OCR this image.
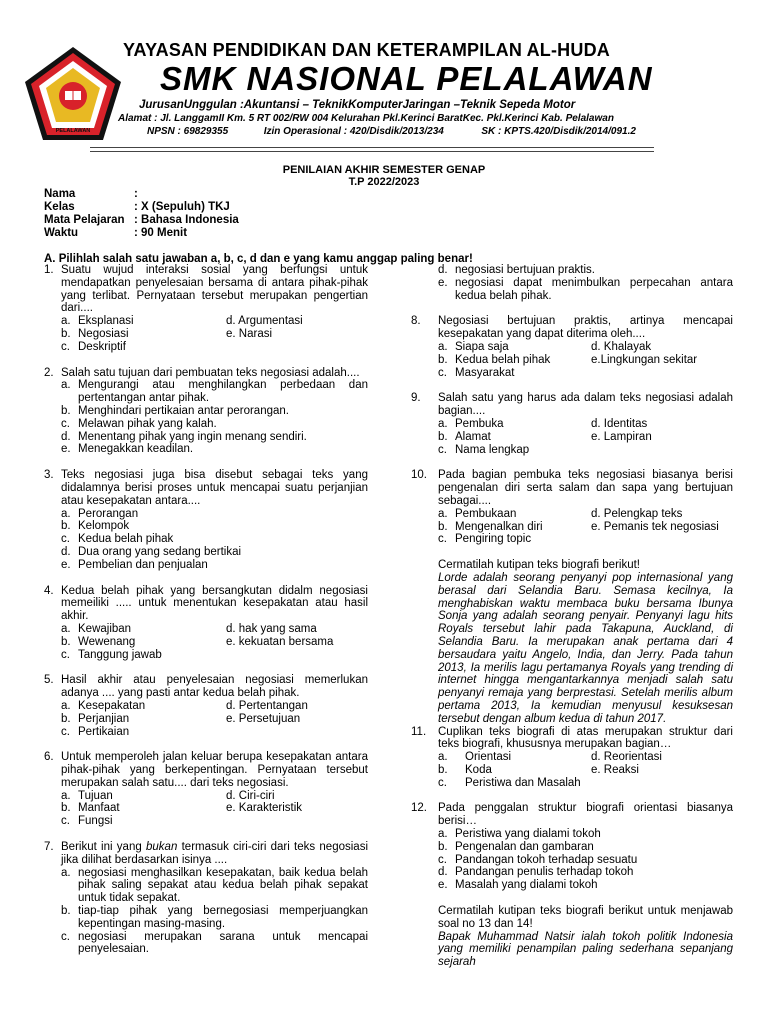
PELALAWAN
YAYASAN PENDIDIKAN DAN KETERAMPILAN AL-HUDA
SMK NASIONAL PELALAWAN
JurusanUnggulan :Akuntansi – TeknikKomputerJaringan –Teknik Sepeda Motor
Alamat : Jl. LanggamII Km. 5 RT 002/RW 004 Kelurahan Pkl.Kerinci BaratKec. Pkl.Kerinci Kab. Pelalawan
NPSN : 69829355	Izin Operasional : 420/Disdik/2013/234	SK : KPTS.420/Disdik/2014/091.2
PENILAIAN AKHIR SEMESTER GENAP
T.P 2022/2023
Nama	:
Kelas	: X (Sepuluh) TKJ
Mata Pelajaran : Bahasa Indonesia
Waktu	: 90 Menit
A. Pilihlah salah satu jawaban a, b, c, d dan e yang kamu anggap paling benar!
1. Suatu wujud interaksi sosial yang berfungsi untuk mendapatkan penyelesaian bersama di antara pihak-pihak yang terlibat. Pernyataan tersebut merupakan pengertian dari....
a. Eksplanasi	d. Argumentasi
b. Negosiasi	e. Narasi
c. Deskriptif
2. Salah satu tujuan dari pembuatan teks negosiasi adalah....
a. Mengurangi atau menghilangkan perbedaan dan pertentangan antar pihak.
b. Menghindari pertikaian antar perorangan.
c. Melawan pihak yang kalah.
d. Menentang pihak yang ingin menang sendiri.
e. Menegakkan keadilan.
3. Teks negosiasi juga bisa disebut sebagai teks yang didalamnya berisi proses untuk mencapai suatu perjanjian atau kesepakatan antara....
a. Perorangan
b. Kelompok
c. Kedua belah pihak
d. Dua orang yang sedang bertikai
e. Pembelian dan penjualan
4. Kedua belah pihak yang bersangkutan didalm negosiasi memeiliki ..... untuk menentukan kesepakatan atau hasil akhir.
a. Kewajiban	d. hak yang sama
b. Wewenang	e. kekuatan bersama
c. Tanggung jawab
5. Hasil akhir atau penyelesaian negosiasi memerlukan adanya .... yang pasti antar kedua belah pihak.
a. Kesepakatan	d. Pertentangan
b. Perjanjian	e. Persetujuan
c. Pertikaian
6. Untuk memperoleh jalan keluar berupa kesepakatan antara pihak-pihak yang berkepentingan. Pernyataan tersebut merupakan salah satu.... dari teks negosiasi.
a. Tujuan	d. Ciri-ciri
b. Manfaat	e. Karakteristik
c. Fungsi
7. Berikut ini yang bukan termasuk ciri-ciri dari teks negosiasi jika dilihat berdasarkan isinya ....
a. negosiasi menghasilkan kesepakatan, baik kedua belah pihak saling sepakat atau kedua belah pihak sepakat untuk tidak sepakat.
b. tiap-tiap pihak yang bernegosiasi memperjuangkan kepentingan masing-masing.
c. negosiasi merupakan sarana untuk mencapai penyelesaian.
d. negosiasi bertujuan praktis.
e. negosiasi dapat menimbulkan perpecahan antara kedua belah pihak.
8. Negosiasi bertujuan praktis, artinya mencapai kesepakatan yang dapat diterima oleh....
a. Siapa saja	d. Khalayak
b. Kedua belah pihak	e.Lingkungan sekitar
c. Masyarakat
9. Salah satu yang harus ada dalam teks negosiasi adalah bagian....
a. Pembuka	d. Identitas
b. Alamat	e. Lampiran
c. Nama lengkap
10. Pada bagian pembuka teks negosiasi biasanya berisi pengenalan diri serta salam dan sapa yang bertujuan sebagai....
a. Pembukaan	d. Pelengkap teks
b. Mengenalkan diri	e. Pemanis tek negosiasi
c. Pengiring topic
Cermatilah kutipan teks biografi berikut!
Lorde adalah seorang penyanyi pop internasional yang berasal dari Selandia Baru. Semasa kecilnya, Ia menghabiskan waktu membaca buku bersama Ibunya Sonja yang adalah seorang penyair. Penyanyi lagu hits Royals tersebut lahir pada Takapuna, Auckland, di Selandia Baru. Ia merupakan anak pertama dari 4 bersaudara yaitu Angelo, India, dan Jerry. Pada tahun 2013, Ia merilis lagu pertamanya Royals yang trending di internet hingga mengantarkannya menjadi salah satu penyanyi remaja yang berprestasi. Setelah merilis album pertama 2013, Ia kemudian menyusul kesuksesan tersebut dengan album kedua di tahun 2017.
11. Cuplikan teks biografi di atas merupakan struktur dari teks biografi, khususnya merupakan bagian…
a. Orientasi	d. Reorientasi
b. Koda	e. Reaksi
c. Peristiwa dan Masalah
12. Pada penggalan struktur biografi orientasi biasanya berisi…
a. Peristiwa yang dialami tokoh
b. Pengenalan dan gambaran
c. Pandangan tokoh terhadap sesuatu
d. Pandangan penulis terhadap tokoh
e. Masalah yang dialami tokoh
Cermatilah kutipan teks biografi berikut untuk menjawab soal no 13 dan 14!
Bapak Muhammad Natsir ialah tokoh politik Indonesia yang memiliki penampilan paling sederhana sepanjang sejarah
